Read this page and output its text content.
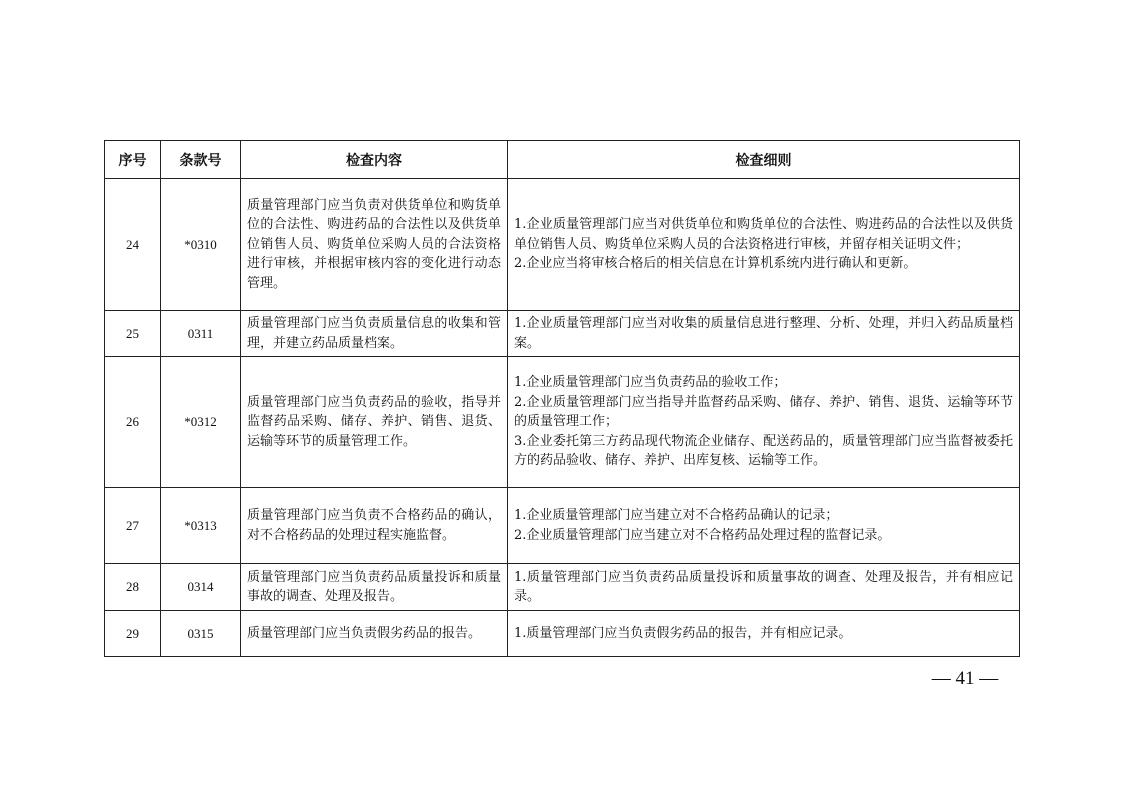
序号	条款号	检查内容	检查细则
24	*0310	质量管理部门应当负责对供货单位和购货单位的合法性、购进药品的合法性以及供货单位销售人员、购货单位采购人员的合法资格进行审核，并根据审核内容的变化进行动态管理。	1.企业质量管理部门应当对供货单位和购货单位的合法性、购进药品的合法性以及供货单位销售人员、购货单位采购人员的合法资格进行审核，并留存相关证明文件；
2.企业应当将审核合格后的相关信息在计算机系统内进行确认和更新。

25	0311	质量管理部门应当负责质量信息的收集和管理，并建立药品质量档案。	1.企业质量管理部门应当对收集的质量信息进行整理、分析、处理，并归入药品质量档案。

26	*0312	质量管理部门应当负责药品的验收，指导并监督药品采购、储存、养护、销售、退货、运输等环节的质量管理工作。	1.企业质量管理部门应当负责药品的验收工作；
2.企业质量管理部门应当指导并监督药品采购、储存、养护、销售、退货、运输等环节的质量管理工作；
3.企业委托第三方药品现代物流企业储存、配送药品的，质量管理部门应当监督被委托方的药品验收、储存、养护、出库复核、运输等工作。

27	*0313	质量管理部门应当负责不合格药品的确认，对不合格药品的处理过程实施监督。	1.企业质量管理部门应当建立对不合格药品确认的记录；
2.企业质量管理部门应当建立对不合格药品处理过程的监督记录。

28	0314	质量管理部门应当负责药品质量投诉和质量事故的调查、处理及报告。	1.质量管理部门应当负责药品质量投诉和质量事故的调查、处理及报告，并有相应记录。

29	0315	质量管理部门应当负责假劣药品的报告。	1.质量管理部门应当负责假劣药品的报告，并有相应记录。
— 41 —
